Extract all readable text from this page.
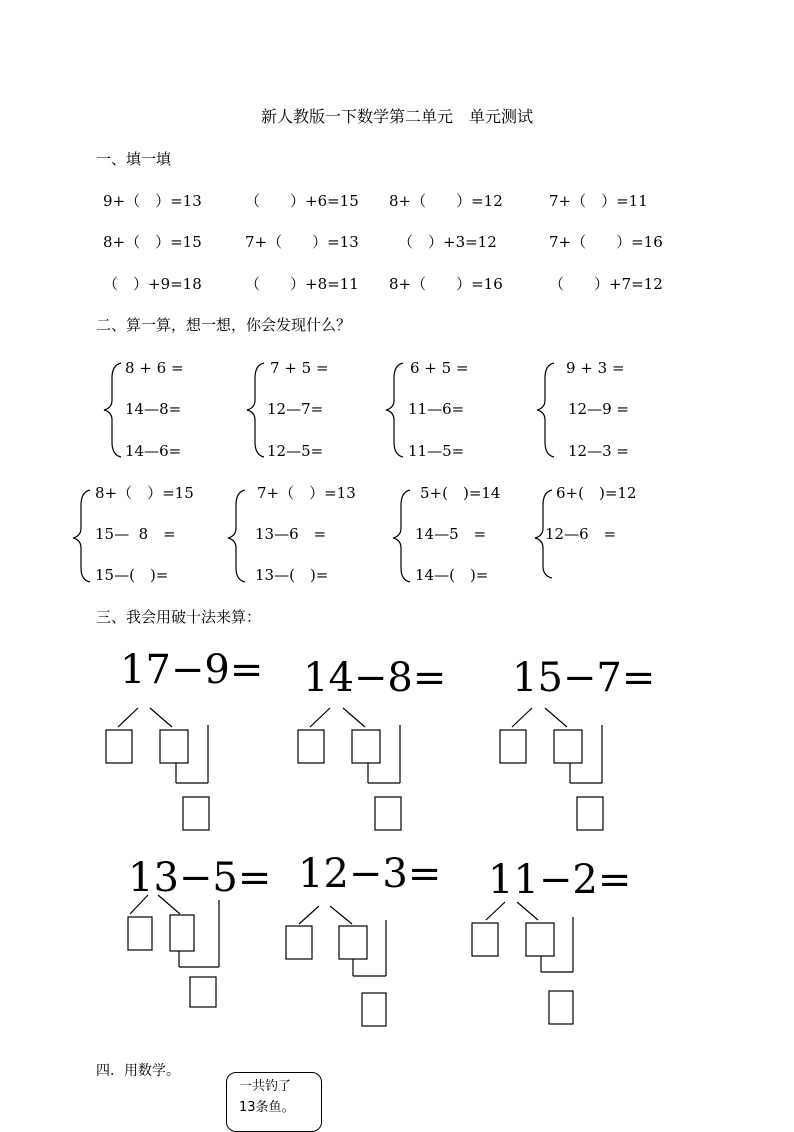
新人教版一下数学第二单元　单元测试
一、填一填
二、算一算，想一想，你会发现什么？
三、我会用破十法来算：
四．用数学。
9+（　）=13	（　　）+6=15 8+（　　）=12	7+（　）=11
8+（　）=15	7+（　　）=13	（　）+3=12	7+（　　）=16
（　）+9=18	（　　）+8=11 8+（　　）=16	（　　）+7=12
8 + 6 =
14—8=
14—6=
7 + 5 =
12—7=
12—5=
6 + 5 =
11—6=
11—5=
9 + 3 =
12—9 =
12—3 =
8+（　）=15
15—  8　=
15—(　)=
7+（　）=13
13—6　=
13—(　)=
5+(　)=14
14—5　=
14—(　)=
6+(　)=12
12—6　=
17−9= 14−8= 15−7=
13−5= 12−3= 11−2=
一共钓了
13条鱼。
